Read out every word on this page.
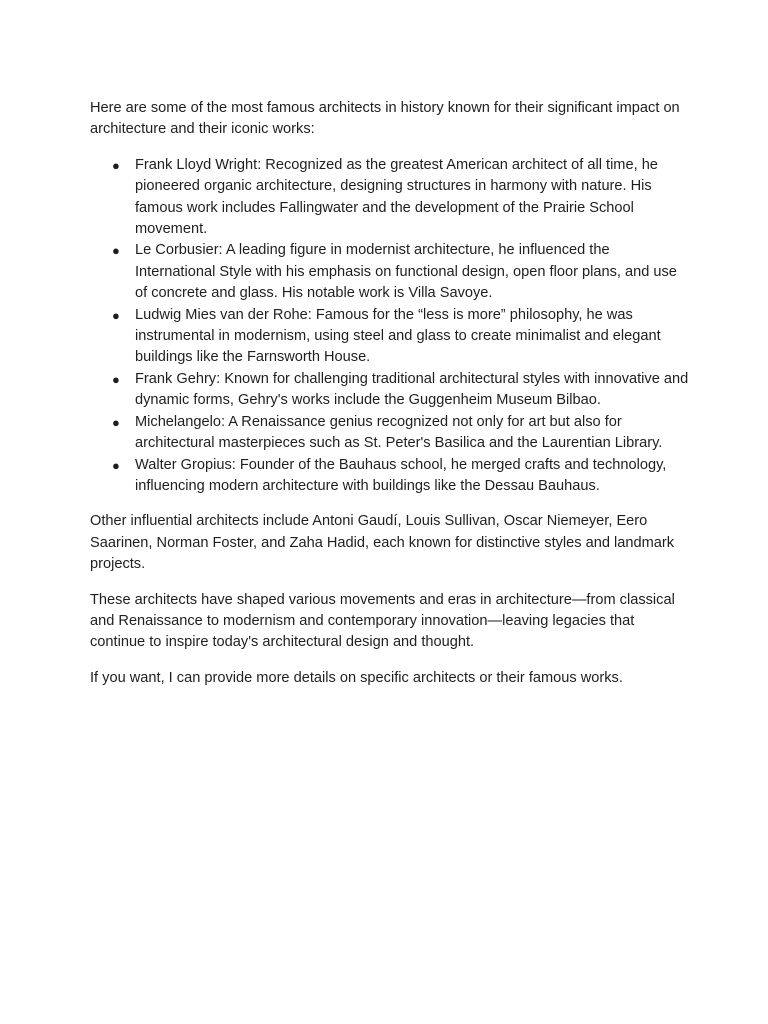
Here are some of the most famous architects in history known for their significant impact on architecture and their iconic works:

● Frank Lloyd Wright: Recognized as the greatest American architect of all time, he pioneered organic architecture, designing structures in harmony with nature. His famous work includes Fallingwater and the development of the Prairie School movement.
● Le Corbusier: A leading figure in modernist architecture, he influenced the International Style with his emphasis on functional design, open floor plans, and use of concrete and glass. His notable work is Villa Savoye.
● Ludwig Mies van der Rohe: Famous for the “less is more” philosophy, he was instrumental in modernism, using steel and glass to create minimalist and elegant buildings like the Farnsworth House.
● Frank Gehry: Known for challenging traditional architectural styles with innovative and dynamic forms, Gehry's works include the Guggenheim Museum Bilbao.
● Michelangelo: A Renaissance genius recognized not only for art but also for architectural masterpieces such as St. Peter's Basilica and the Laurentian Library.
● Walter Gropius: Founder of the Bauhaus school, he merged crafts and technology, influencing modern architecture with buildings like the Dessau Bauhaus.

Other influential architects include Antoni Gaudí, Louis Sullivan, Oscar Niemeyer, Eero Saarinen, Norman Foster, and Zaha Hadid, each known for distinctive styles and landmark projects.

These architects have shaped various movements and eras in architecture—from classical and Renaissance to modernism and contemporary innovation—leaving legacies that continue to inspire today's architectural design and thought.

If you want, I can provide more details on specific architects or their famous works.
